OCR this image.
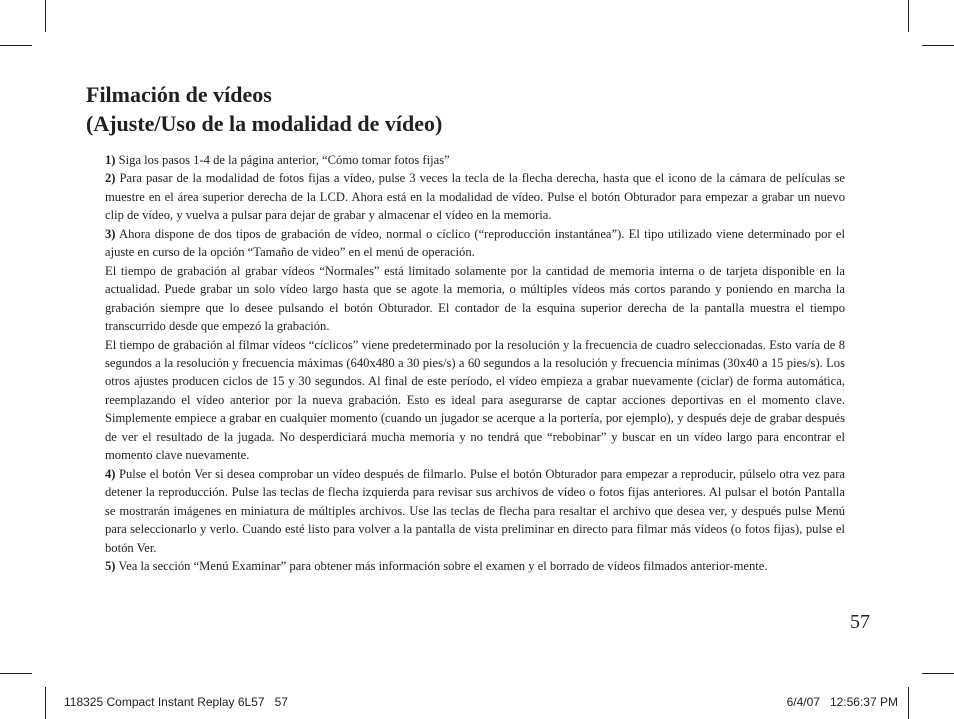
Filmación de vídeos
(Ajuste/Uso de la modalidad de vídeo)

1) Siga los pasos 1-4 de la página anterior, “Cómo tomar fotos fijas”

2) Para pasar de la modalidad de fotos fijas a vídeo, pulse 3 veces la tecla de la flecha derecha, hasta que el icono de la cámara de películas se muestre en el área superior derecha de la LCD. Ahora está en la modalidad de vídeo. Pulse el botón Obturador para empezar a grabar un nuevo clip de vídeo, y vuelva a pulsar para dejar de grabar y almacenar el vídeo en la memoria.

3) Ahora dispone de dos tipos de grabación de vídeo, normal o cíclico (“reproducción instantánea”). El tipo utilizado viene determinado por el ajuste en curso de la opción “Tamaño de video” en el menú de operación.

El tiempo de grabación al grabar vídeos “Normales” está limitado solamente por la cantidad de memoria interna o de tarjeta disponible en la actualidad. Puede grabar un solo vídeo largo hasta que se agote la memoria, o múltiples vídeos más cortos parando y poniendo en marcha la grabación siempre que lo desee pulsando el botón Obturador. El contador de la esquina superior derecha de la pantalla muestra el tiempo transcurrido desde que empezó la grabación.

El tiempo de grabación al filmar vídeos “cíclicos” viene predeterminado por la resolución y la frecuencia de cuadro seleccionadas. Esto varía de 8 segundos a la resolución y frecuencia máximas (640x480 a 30 pies/s) a 60 segundos a la resolución y frecuencia mínimas (30x40 a 15 pies/s). Los otros ajustes producen ciclos de 15 y 30 segundos. Al final de este período, el vídeo empieza a grabar nuevamente (ciclar) de forma automática, reemplazando el vídeo anterior por la nueva grabación. Esto es ideal para asegurarse de captar acciones deportivas en el momento clave. Simplemente empiece a grabar en cualquier momento (cuando un jugador se acerque a la portería, por ejemplo), y después deje de grabar después de ver el resultado de la jugada. No desperdiciará mucha memoria y no tendrá que “rebobinar” y buscar en un vídeo largo para encontrar el momento clave nuevamente.

4) Pulse el botón Ver si desea comprobar un vídeo después de filmarlo. Pulse el botón Obturador para empezar a reproducir, púlselo otra vez para detener la reproducción. Pulse las teclas de flecha izquierda para revisar sus archivos de vídeo o fotos fijas anteriores. Al pulsar el botón Pantalla se mostrarán imágenes en miniatura de múltiples archivos. Use las teclas de flecha para resaltar el archivo que desea ver, y después pulse Menú para seleccionarlo y verlo. Cuando esté listo para volver a la pantalla de vista preliminar en directo para filmar más vídeos (o fotos fijas), pulse el botón Ver.

5) Vea la sección “Menú Examinar” para obtener más información sobre el examen y el borrado de vídeos filmados anterior-mente.

57
118325 Compact Instant Replay 6L57   57	6/4/07   12:56:37 PM
